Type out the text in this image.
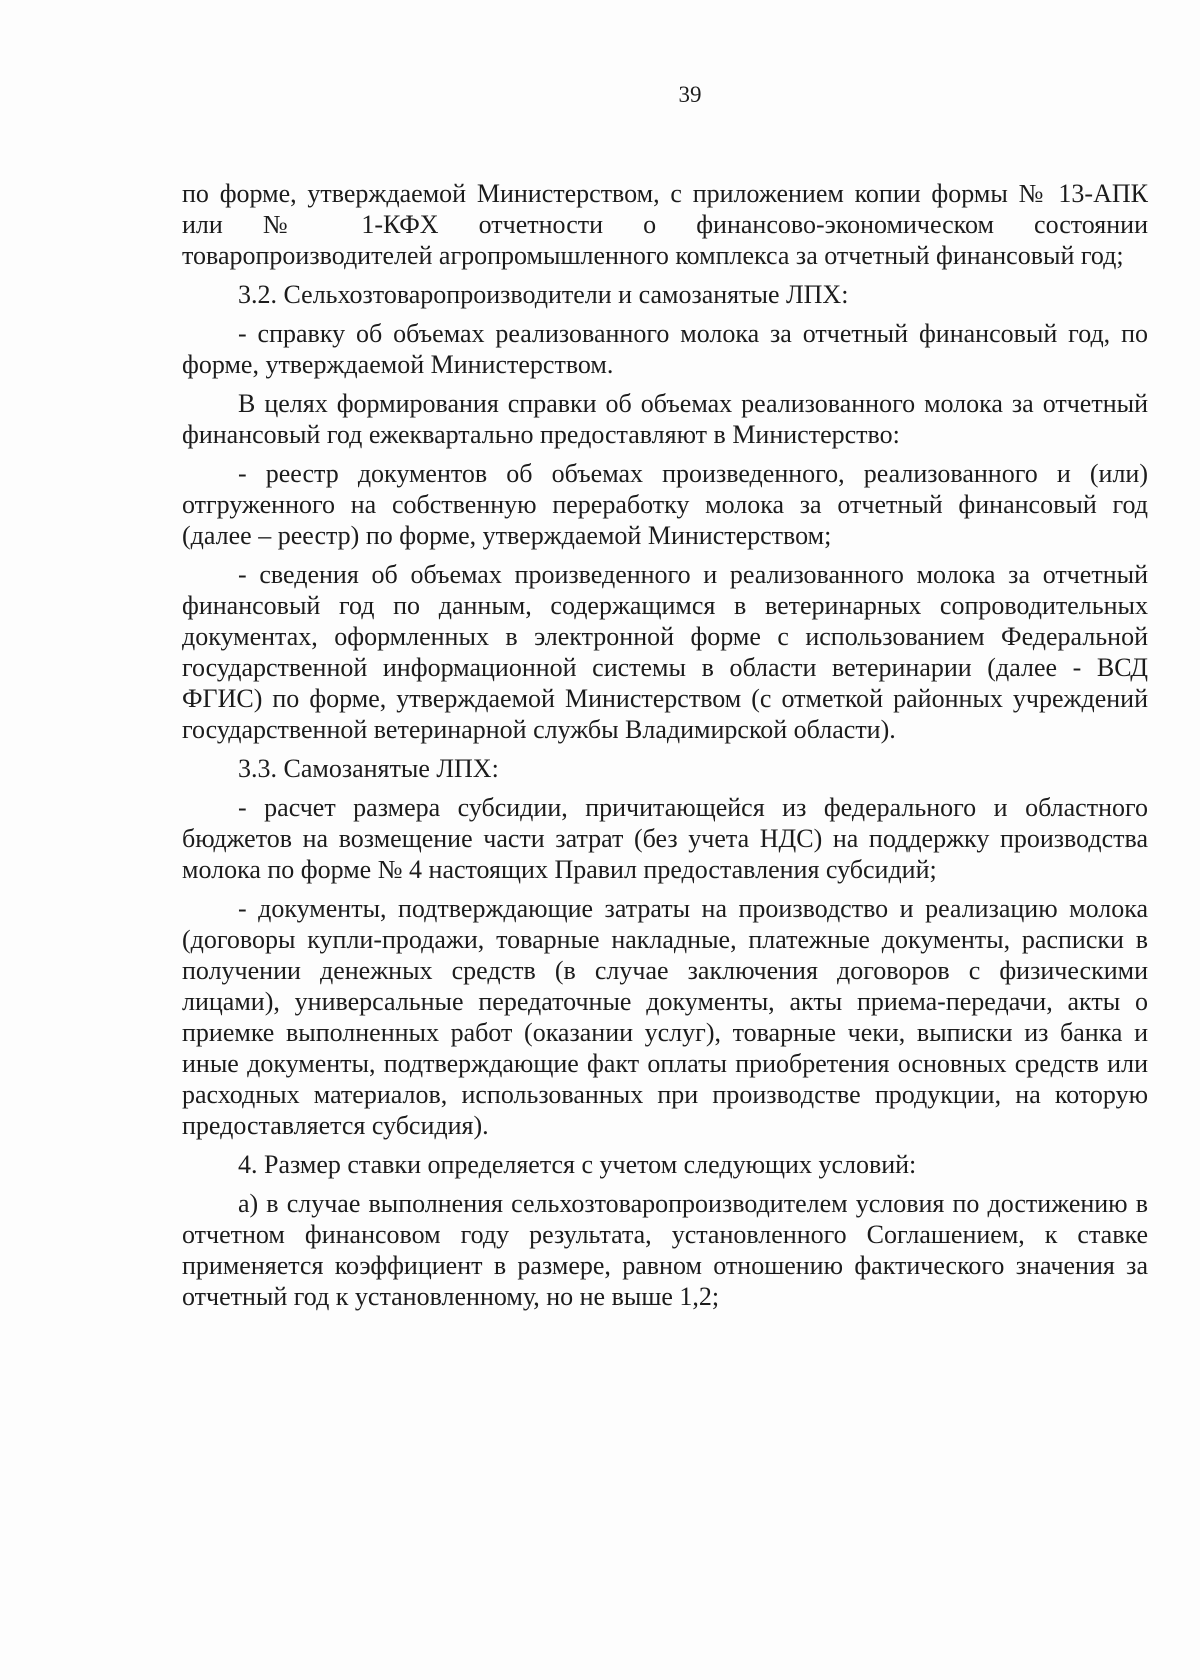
39

по форме, утверждаемой Министерством, с приложением копии формы № 13-АПК или № 1-КФХ отчетности о финансово-экономическом состоянии товаропроизводителей агропромышленного комплекса за отчетный финансовый год;

3.2. Сельхозтоваропроизводители и самозанятые ЛПХ:

- справку об объемах реализованного молока за отчетный финансовый год, по форме, утверждаемой Министерством.

В целях формирования справки об объемах реализованного молока за отчетный финансовый год ежеквартально предоставляют в Министерство:

- реестр документов об объемах произведенного, реализованного и (или) отгруженного на собственную переработку молока за отчетный финансовый год (далее – реестр) по форме, утверждаемой Министерством;

- сведения об объемах произведенного и реализованного молока за отчетный финансовый год по данным, содержащимся в ветеринарных сопроводительных документах, оформленных в электронной форме с использованием Федеральной государственной информационной системы в области ветеринарии (далее - ВСД ФГИС) по форме, утверждаемой Министерством (с отметкой районных учреждений государственной ветеринарной службы Владимирской области).

3.3. Самозанятые ЛПХ:

- расчет размера субсидии, причитающейся из федерального и областного бюджетов на возмещение части затрат (без учета НДС) на поддержку производства молока по форме № 4 настоящих Правил предоставления субсидий;

- документы, подтверждающие затраты на производство и реализацию молока (договоры купли-продажи, товарные накладные, платежные документы, расписки в получении денежных средств (в случае заключения договоров с физическими лицами), универсальные передаточные документы, акты приема-передачи, акты о приемке выполненных работ (оказании услуг), товарные чеки, выписки из банка и иные документы, подтверждающие факт оплаты приобретения основных средств или расходных материалов, использованных при производстве продукции, на которую предоставляется субсидия).

4. Размер ставки определяется с учетом следующих условий:

а) в случае выполнения сельхозтоваропроизводителем условия по достижению в отчетном финансовом году результата, установленного Соглашением, к ставке применяется коэффициент в размере, равном отношению фактического значения за отчетный год к установленному, но не выше 1,2;
